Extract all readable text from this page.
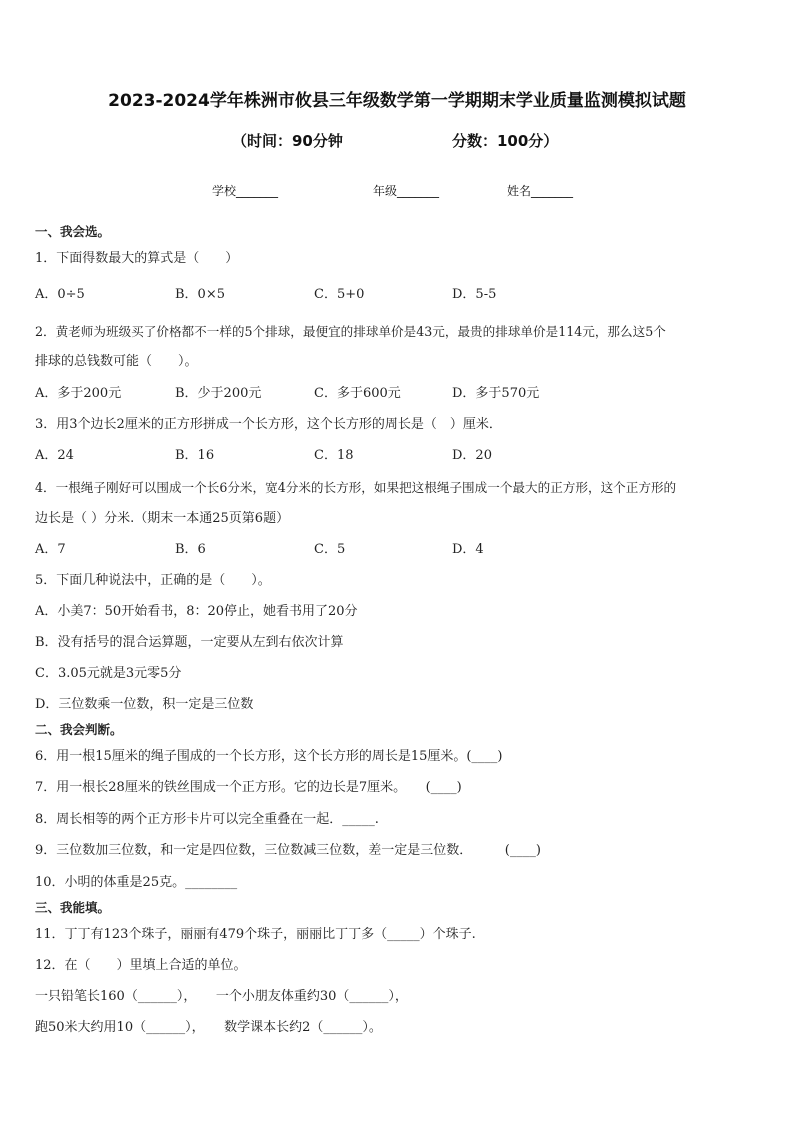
2023-2024学年株洲市攸县三年级数学第一学期期末学业质量监测模拟试题
（时间：90分钟	分数：100分）
学校_______	年级_______	姓名_______
一、我会选。
1．下面得数最大的算式是（　　）
A．0÷5	B．0×5	C．5+0	D．5-5
2．黄老师为班级买了价格都不一样的5个排球，最便宜的排球单价是43元，最贵的排球单价是114元，那么这5个
排球的总钱数可能（　　）。
A．多于200元	B．少于200元	C．多于600元	D．多于570元
3．用3个边长2厘米的正方形拼成一个长方形，这个长方形的周长是（　）厘米．
A．24	B．16	C．18	D．20
4．一根绳子刚好可以围成一个长6分米，宽4分米的长方形，如果把这根绳子围成一个最大的正方形，这个正方形的
边长是（ ）分米.（期末一本通25页第6题）
A．7	B．6	C．5	D．4
5．下面几种说法中，正确的是（　　）。
A．小美7：50开始看书，8：20停止，她看书用了20分
B．没有括号的混合运算题，一定要从左到右依次计算
C．3.05元就是3元零5分
D．三位数乘一位数，积一定是三位数
二、我会判断。
6．用一根15厘米的绳子围成的一个长方形，这个长方形的周长是15厘米。(____)
7．用一根长28厘米的铁丝围成一个正方形。它的边长是7厘米。　　(____)
8．周长相等的两个正方形卡片可以完全重叠在一起．_____.
9．三位数加三位数，和一定是四位数，三位数减三位数，差一定是三位数．　　　(____)
10．小明的体重是25克。________
三、我能填。
11．丁丁有123个珠子，丽丽有479个珠子，丽丽比丁丁多（_____）个珠子.
12．在（　　）里填上合适的单位。
一只铅笔长160（______），　　一个小朋友体重约30（______），
跑50米大约用10（______），　　数学课本长约2（______）。
